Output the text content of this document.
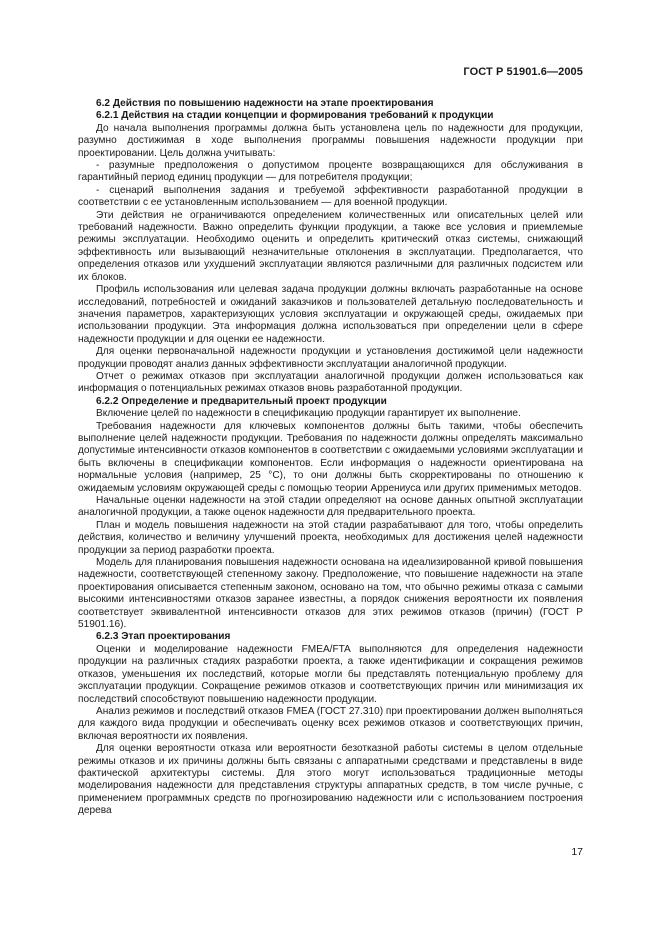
ГОСТ Р 51901.6—2005

6.2 Действия по повышению надежности на этапе проектирования

6.2.1 Действия на стадии концепции и формирования требований к продукции

До начала выполнения программы должна быть установлена цель по надежности для продукции, разумно достижимая в ходе выполнения программы повышения надежности продукции при проектировании. Цель должна учитывать:

- разумные предположения о допустимом проценте возвращающихся для обслуживания в гарантийный период единиц продукции — для потребителя продукции;

- сценарий выполнения задания и требуемой эффективности разработанной продукции в соответствии с ее установленным использованием — для военной продукции.

Эти действия не ограничиваются определением количественных или описательных целей или требований надежности. Важно определить функции продукции, а также все условия и приемлемые режимы эксплуатации. Необходимо оценить и определить критический отказ системы, снижающий эффективность или вызывающий незначительные отклонения в эксплуатации. Предполагается, что определения отказов или ухудшений эксплуатации являются различными для различных подсистем или их блоков.

Профиль использования или целевая задача продукции должны включать разработанные на основе исследований, потребностей и ожиданий заказчиков и пользователей детальную последовательность и значения параметров, характеризующих условия эксплуатации и окружающей среды, ожидаемых при использовании продукции. Эта информация должна использоваться при определении цели в сфере надежности продукции и для оценки ее надежности.

Для оценки первоначальной надежности продукции и установления достижимой цели надежности продукции проводят анализ данных эффективности эксплуатации аналогичной продукции.

Отчет о режимах отказов при эксплуатации аналогичной продукции должен использоваться как информация о потенциальных режимах отказов вновь разработанной продукции.

6.2.2 Определение и предварительный проект продукции

Включение целей по надежности в спецификацию продукции гарантирует их выполнение.

Требования надежности для ключевых компонентов должны быть такими, чтобы обеспечить выполнение целей надежности продукции. Требования по надежности должны определять максимально допустимые интенсивности отказов компонентов в соответствии с ожидаемыми условиями эксплуатации и быть включены в спецификации компонентов. Если информация о надежности ориентирована на нормальные условия (например, 25 °С), то они должны быть скорректированы по отношению к ожидаемым условиям окружающей среды с помощью теории Аррениуса или других применимых методов.

Начальные оценки надежности на этой стадии определяют на основе данных опытной эксплуатации аналогичной продукции, а также оценок надежности для предварительного проекта.

План и модель повышения надежности на этой стадии разрабатывают для того, чтобы определить действия, количество и величину улучшений проекта, необходимых для достижения целей надежности продукции за период разработки проекта.

Модель для планирования повышения надежности основана на идеализированной кривой повышения надежности, соответствующей степенному закону. Предположение, что повышение надежности на этапе проектирования описывается степенным законом, основано на том, что обычно режимы отказа с самыми высокими интенсивностями отказов заранее известны, а порядок снижения вероятности их появления соответствует эквивалентной интенсивности отказов для этих режимов отказов (причин) (ГОСТ Р 51901.16).

6.2.3 Этап проектирования

Оценки и моделирование надежности FMEA/FTA выполняются для определения надежности продукции на различных стадиях разработки проекта, а также идентификации и сокращения режимов отказов, уменьшения их последствий, которые могли бы представлять потенциальную проблему для эксплуатации продукции. Сокращение режимов отказов и соответствующих причин или минимизация их последствий способствуют повышению надежности продукции.

Анализ режимов и последствий отказов FMEA (ГОСТ 27.310) при проектировании должен выполняться для каждого вида продукции и обеспечивать оценку всех режимов отказов и соответствующих причин, включая вероятности их появления.

Для оценки вероятности отказа или вероятности безотказной работы системы в целом отдельные режимы отказов и их причины должны быть связаны с аппаратными средствами и представлены в виде фактической архитектуры системы. Для этого могут использоваться традиционные методы моделирования надежности для представления структуры аппаратных средств, в том числе ручные, с применением программных средств по прогнозированию надежности или с использованием построения дерева

17
